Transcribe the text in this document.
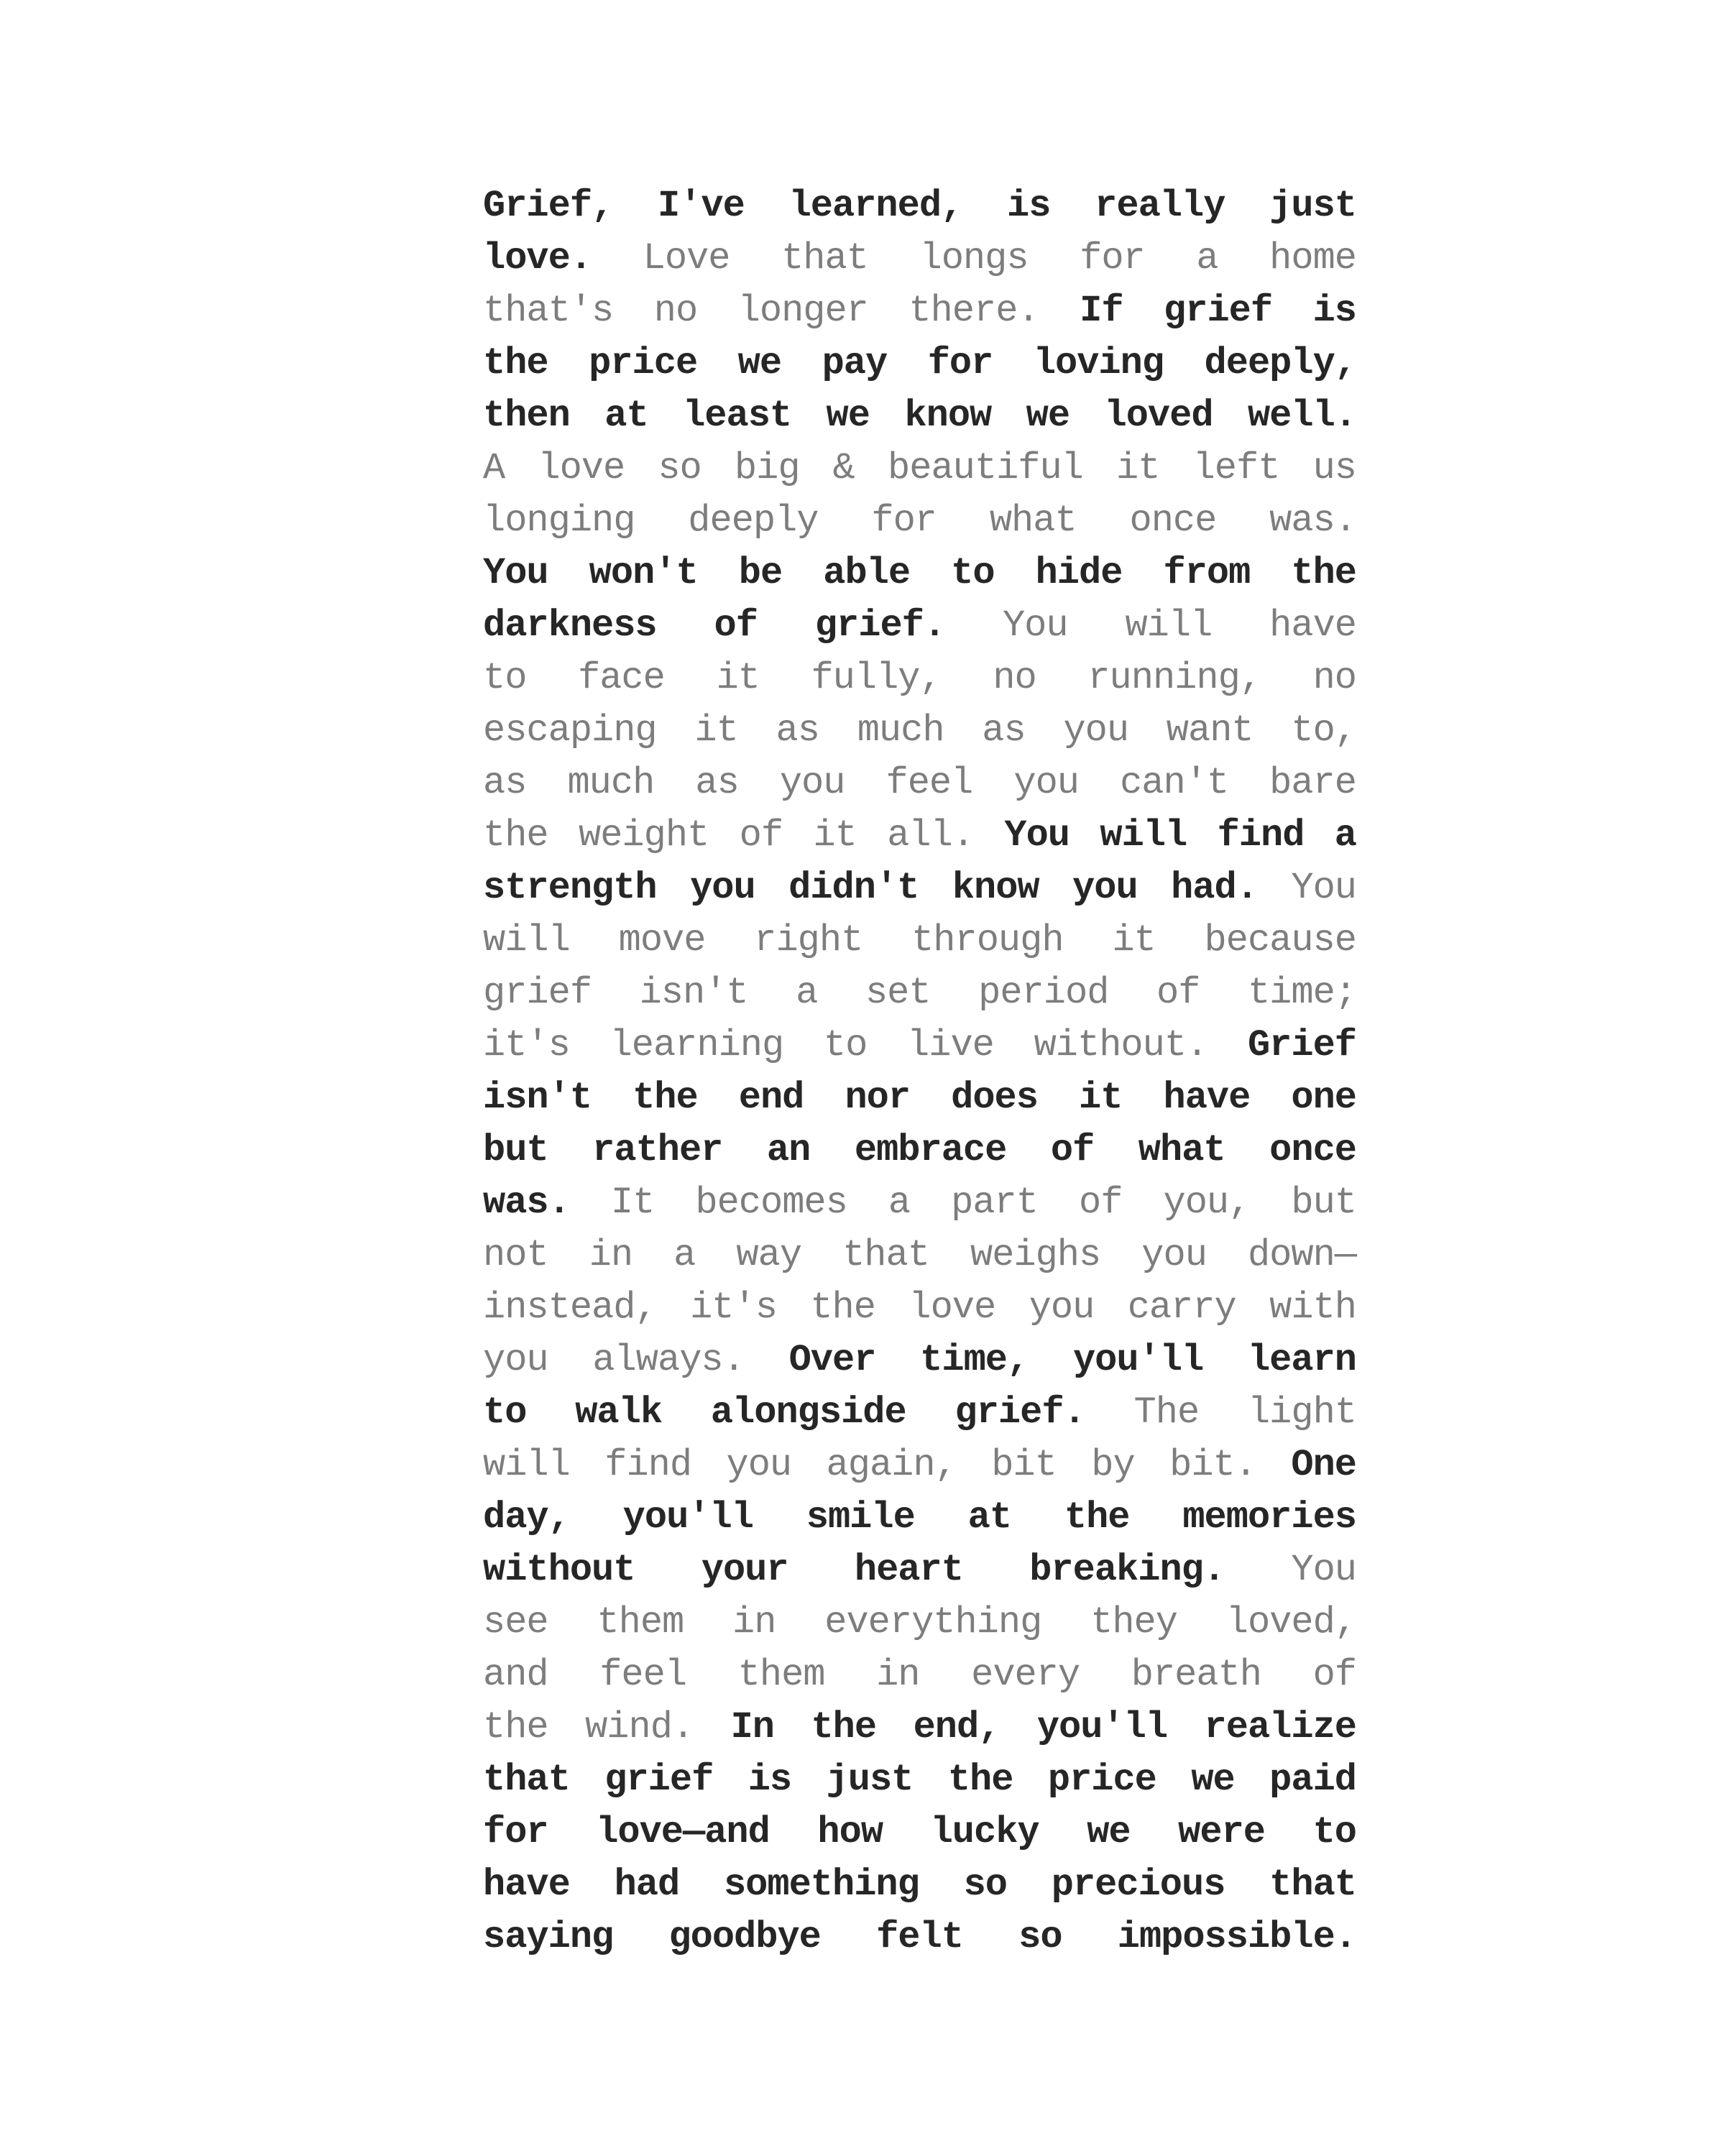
Grief, I've learned, is really just
love. Love that longs for a home
that's no longer there. If grief is
the price we pay for loving deeply,
then at least we know we loved well.
A love so big & beautiful it left us
longing deeply for what once was.
You won't be able to hide from the
darkness of grief. You will have
to face it fully, no running, no
escaping it as much as you want to,
as much as you feel you can't bare
the weight of it all. You will find a
strength you didn't know you had. You
will move right through it because
grief isn't a set period of time;
it's learning to live without. Grief
isn't the end nor does it have one
but rather an embrace of what once
was. It becomes a part of you, but
not in a way that weighs you down—
instead, it's the love you carry with
you always. Over time, you'll learn
to walk alongside grief. The light
will find you again, bit by bit. One
day, you'll smile at the memories
without your heart breaking. You
see them in everything they loved,
and feel them in every breath of
the wind. In the end, you'll realize
that grief is just the price we paid
for love—and how lucky we were to
have had something so precious that
saying goodbye felt so impossible.
